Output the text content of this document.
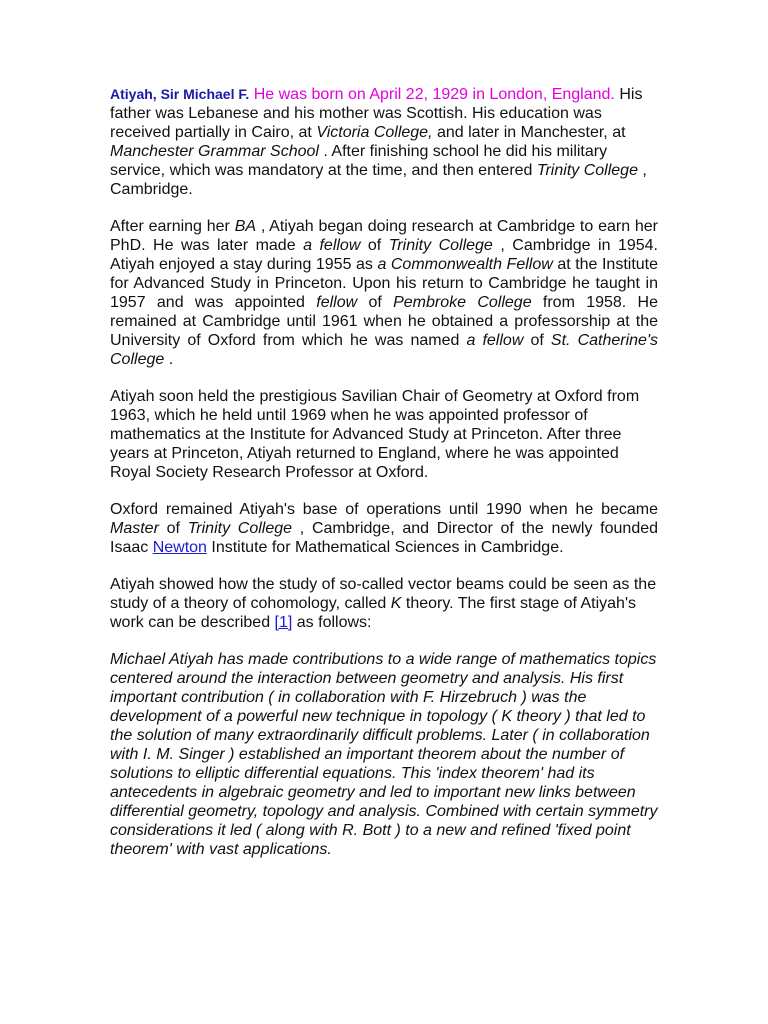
Atiyah, Sir Michael F. He was born on April 22, 1929 in London, England. His father was Lebanese and his mother was Scottish. His education was received partially in Cairo, at Victoria College, and later in Manchester, at Manchester Grammar School . After finishing school he did his military service, which was mandatory at the time, and then entered Trinity College , Cambridge.

After earning her BA , Atiyah began doing research at Cambridge to earn her PhD. He was later made a fellow of Trinity College , Cambridge in 1954. Atiyah enjoyed a stay during 1955 as a Commonwealth Fellow at the Institute for Advanced Study in Princeton. Upon his return to Cambridge he taught in 1957 and was appointed fellow of Pembroke College from 1958. He remained at Cambridge until 1961 when he obtained a professorship at the University of Oxford from which he was named a fellow of St. Catherine's College .

Atiyah soon held the prestigious Savilian Chair of Geometry at Oxford from 1963, which he held until 1969 when he was appointed professor of mathematics at the Institute for Advanced Study at Princeton. After three years at Princeton, Atiyah returned to England, where he was appointed Royal Society Research Professor at Oxford.

Oxford remained Atiyah's base of operations until 1990 when he became Master of Trinity College , Cambridge, and Director of the newly founded Isaac Newton Institute for Mathematical Sciences in Cambridge.

Atiyah showed how the study of so-called vector beams could be seen as the study of a theory of cohomology, called K theory. The first stage of Atiyah's work can be described [1] as follows:

Michael Atiyah has made contributions to a wide range of mathematics topics centered around the interaction between geometry and analysis. His first important contribution ( in collaboration with F. Hirzebruch ) was the development of a powerful new technique in topology ( K theory ) that led to the solution of many extraordinarily difficult problems. Later ( in collaboration with I. M. Singer ) established an important theorem about the number of solutions to elliptic differential equations. This 'index theorem' had its antecedents in algebraic geometry and led to important new links between differential geometry, topology and analysis. Combined with certain symmetry considerations it led ( along with R. Bott ) to a new and refined 'fixed point theorem' with vast applications.
